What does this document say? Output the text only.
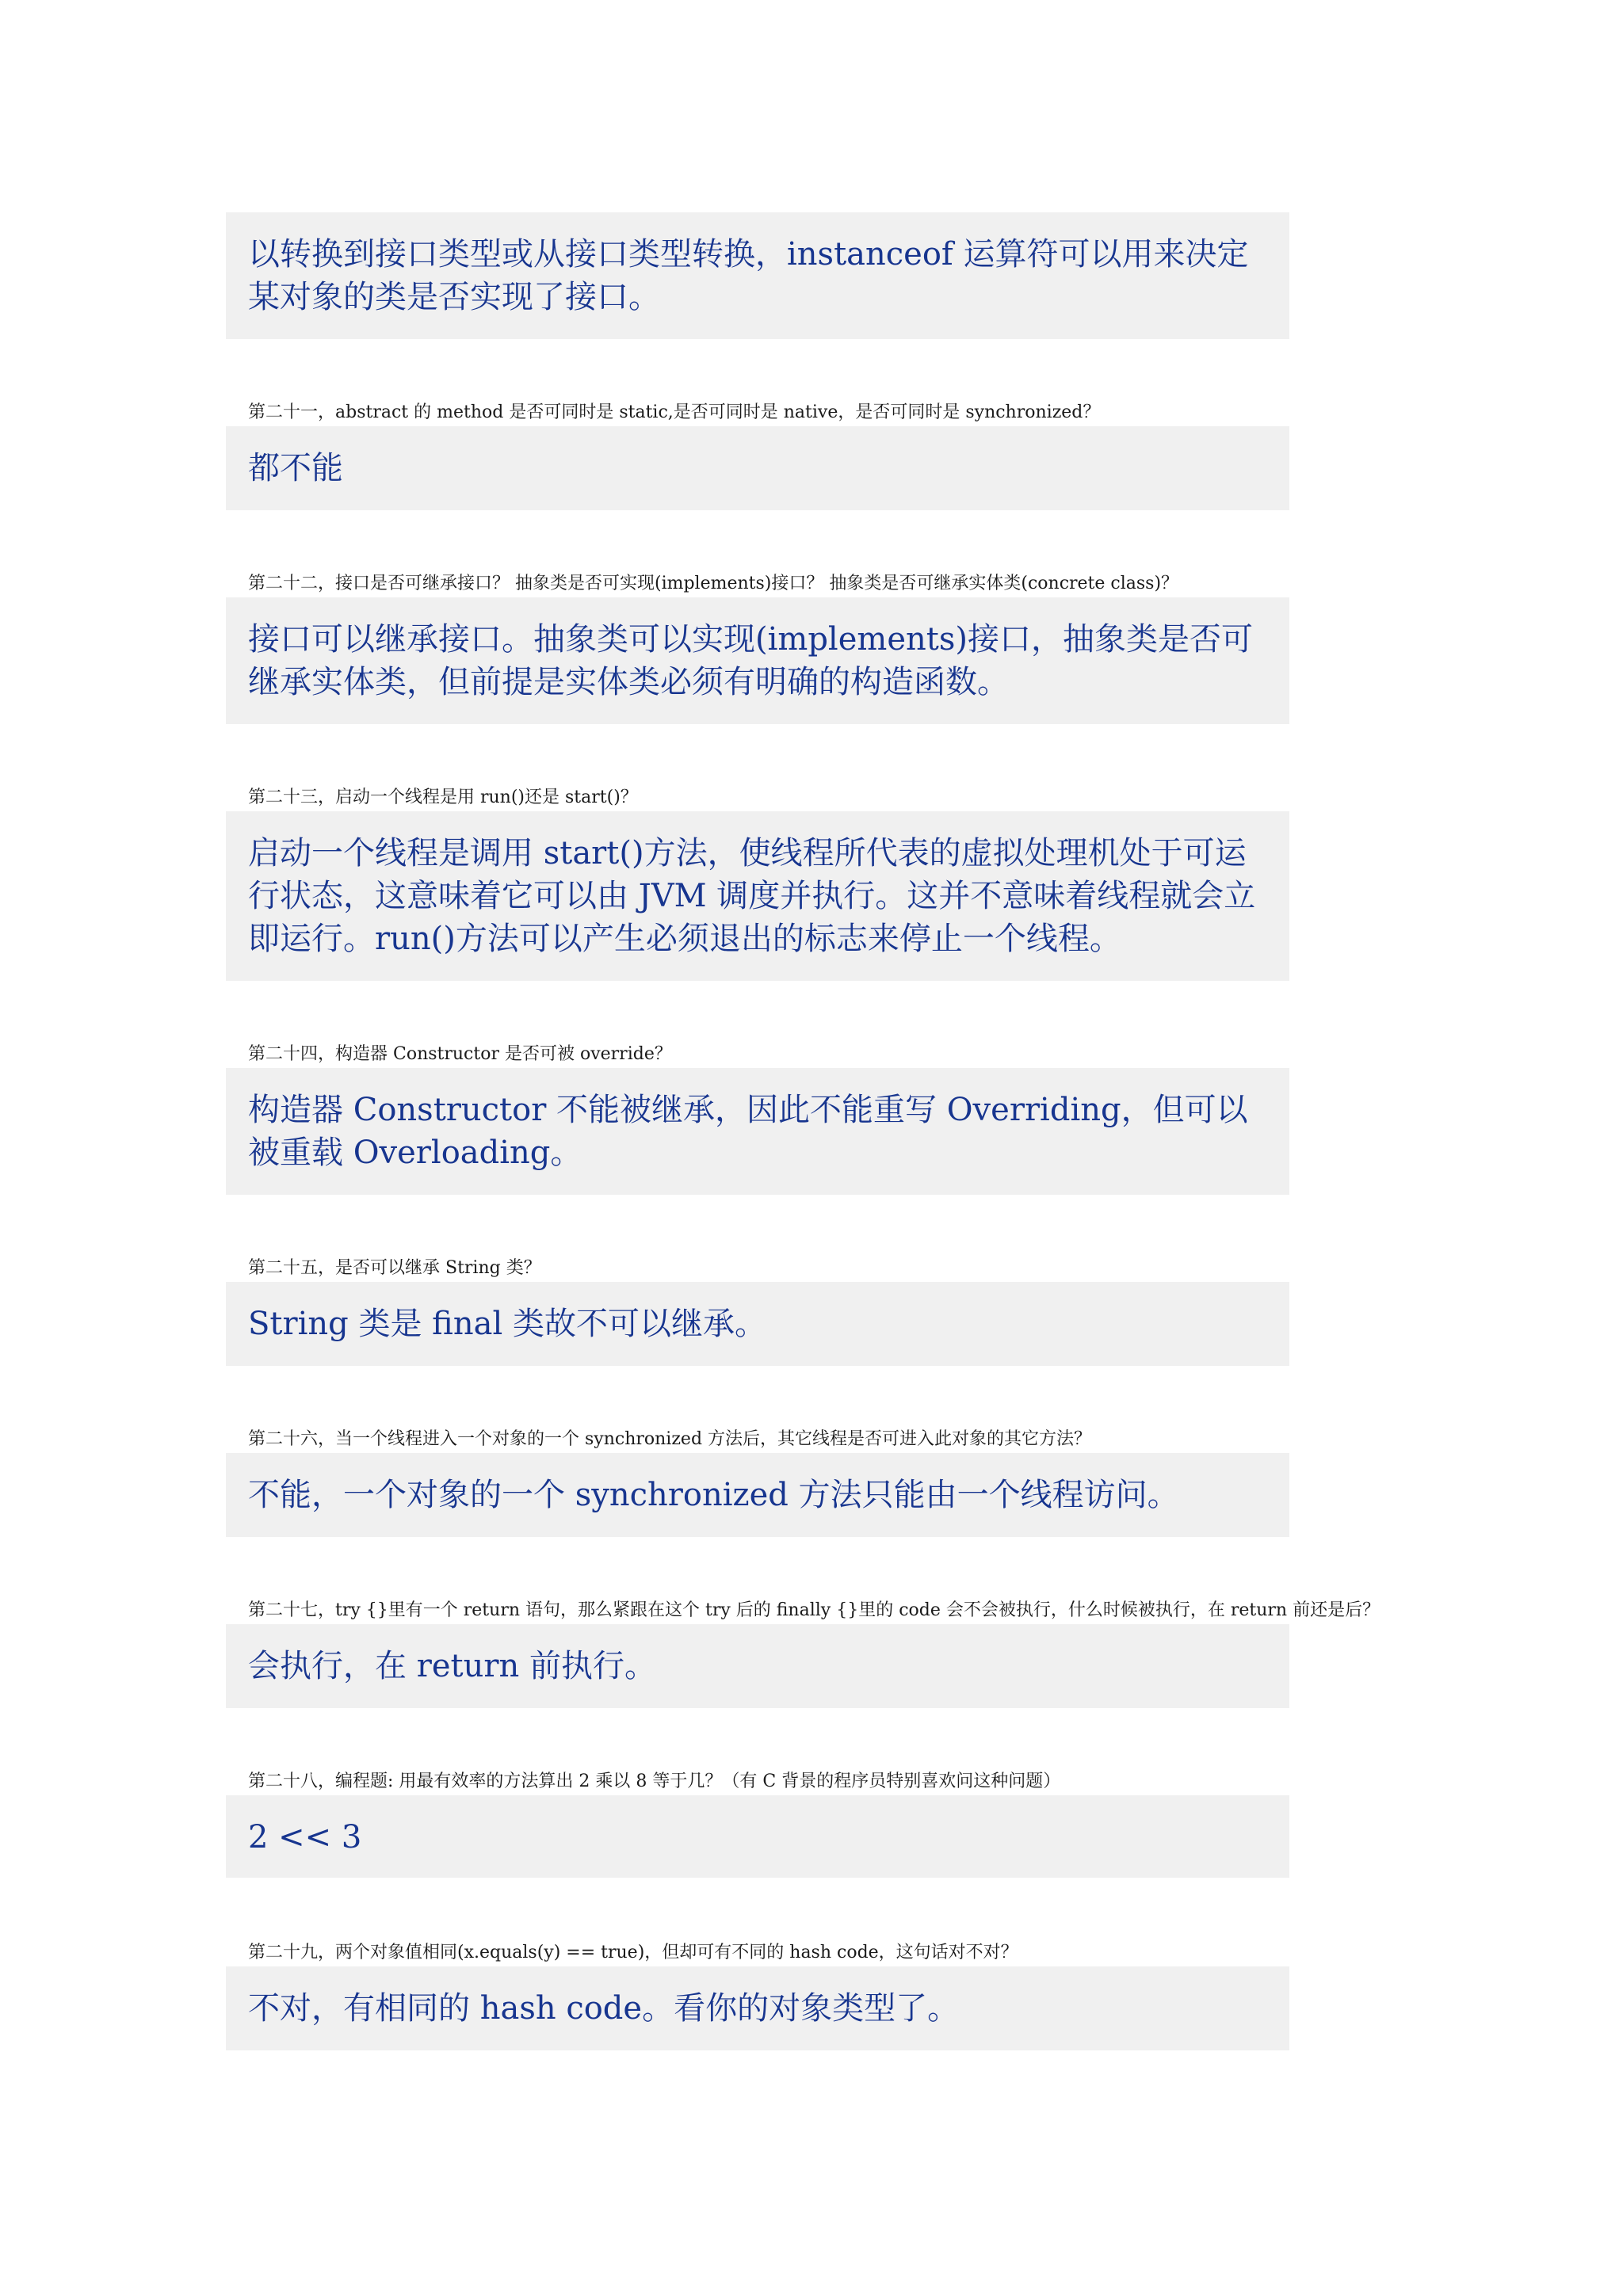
以转换到接口类型或从接口类型转换，instanceof 运算符可以用来决定某对象的类是否实现了接口。
第二十一，abstract 的 method 是否可同时是 static,是否可同时是 native，是否可同时是 synchronized？
都不能
第二十二，接口是否可继承接口？ 抽象类是否可实现(implements)接口？ 抽象类是否可继承实体类(concrete class)？
接口可以继承接口。抽象类可以实现(implements)接口，抽象类是否可继承实体类，但前提是实体类必须有明确的构造函数。
第二十三，启动一个线程是用 run()还是 start()？
启动一个线程是调用 start()方法，使线程所代表的虚拟处理机处于可运行状态，这意味着它可以由 JVM 调度并执行。这并不意味着线程就会立即运行。run()方法可以产生必须退出的标志来停止一个线程。
第二十四，构造器 Constructor 是否可被 override？
构造器 Constructor 不能被继承，因此不能重写 Overriding，但可以被重载 Overloading。
第二十五，是否可以继承 String 类？
String 类是 final 类故不可以继承。
第二十六，当一个线程进入一个对象的一个 synchronized 方法后，其它线程是否可进入此对象的其它方法？
不能，一个对象的一个 synchronized 方法只能由一个线程访问。
第二十七，try {}里有一个 return 语句，那么紧跟在这个 try 后的 finally {}里的 code 会不会被执行，什么时候被执行，在 return 前还是后？
会执行，在 return 前执行。
第二十八，编程题: 用最有效率的方法算出 2 乘以 8 等于几？（有 C 背景的程序员特别喜欢问这种问题）
2 << 3
第二十九，两个对象值相同(x.equals(y) == true)，但却可有不同的 hash code，这句话对不对？
不对，有相同的 hash code。看你的对象类型了。
